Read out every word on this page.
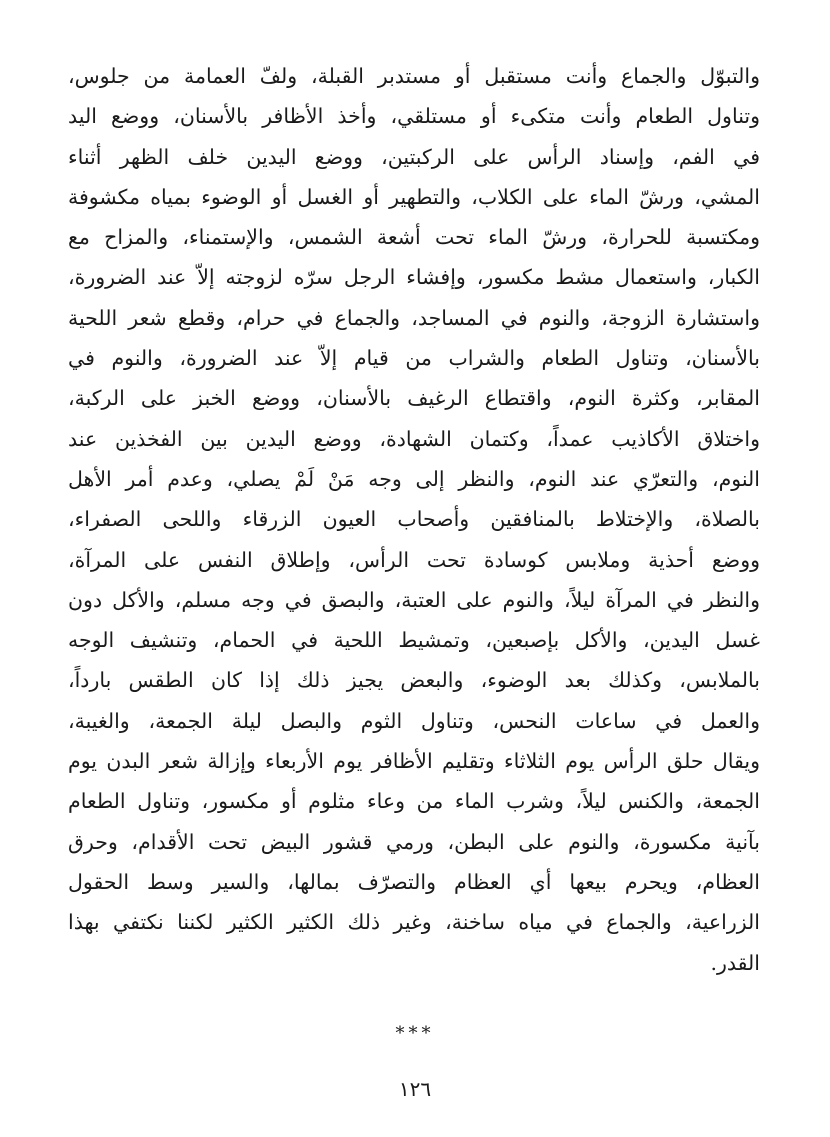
والتبوّل والجماع وأنت مستقبل أو مستدبر القبلة، ولفّ العمامة من جلوس،
وتناول الطعام وأنت متكىء أو مستلقي، وأخذ الأظافر بالأسنان، ووضع اليد
في الفم، وإسناد الرأس على الركبتين، ووضع اليدين خلف الظهر أثناء
المشي، ورشّ الماء على الكلاب، والتطهير أو الغسل أو الوضوء بمياه مكشوفة
ومكتسبة للحرارة، ورشّ الماء تحت أشعة الشمس، والإستمناء، والمزاح مع
الكبار، واستعمال مشط مكسور، وإفشاء الرجل سرّه لزوجته إلاّ عند الضرورة،
واستشارة الزوجة، والنوم في المساجد، والجماع في حرام، وقطع شعر اللحية
بالأسنان، وتناول الطعام والشراب من قيام إلاّ عند الضرورة، والنوم في
المقابر، وكثرة النوم، واقتطاع الرغيف بالأسنان، ووضع الخبز على الركبة،
واختلاق الأكاذيب عمداً، وكتمان الشهادة، ووضع اليدين بين الفخذين عند
النوم، والتعرّي عند النوم، والنظر إلى وجه مَنْ لَمْ يصلي، وعدم أمر الأهل
بالصلاة، والإختلاط بالمنافقين وأصحاب العيون الزرقاء واللحى الصفراء،
ووضع أحذية وملابس كوسادة تحت الرأس، وإطلاق النفس على المرآة،
والنظر في المرآة ليلاً، والنوم على العتبة، والبصق في وجه مسلم، والأكل دون
غسل اليدين، والأكل بإصبعين، وتمشيط اللحية في الحمام، وتنشيف الوجه
بالملابس، وكذلك بعد الوضوء، والبعض يجيز ذلك إذا كان الطقس بارداً،
والعمل في ساعات النحس، وتناول الثوم والبصل ليلة الجمعة، والغيبة،
ويقال حلق الرأس يوم الثلاثاء وتقليم الأظافر يوم الأربعاء وإزالة شعر البدن يوم
الجمعة، والكنس ليلاً، وشرب الماء من وعاء مثلوم أو مكسور، وتناول الطعام
بآنية مكسورة، والنوم على البطن، ورمي قشور البيض تحت الأقدام، وحرق
العظام، ويحرم بيعها أي العظام والتصرّف بمالها، والسير وسط الحقول
الزراعية، والجماع في مياه ساخنة، وغير ذلك الكثير الكثير لكننا نكتفي بهذا
القدر.
***
١٢٦
